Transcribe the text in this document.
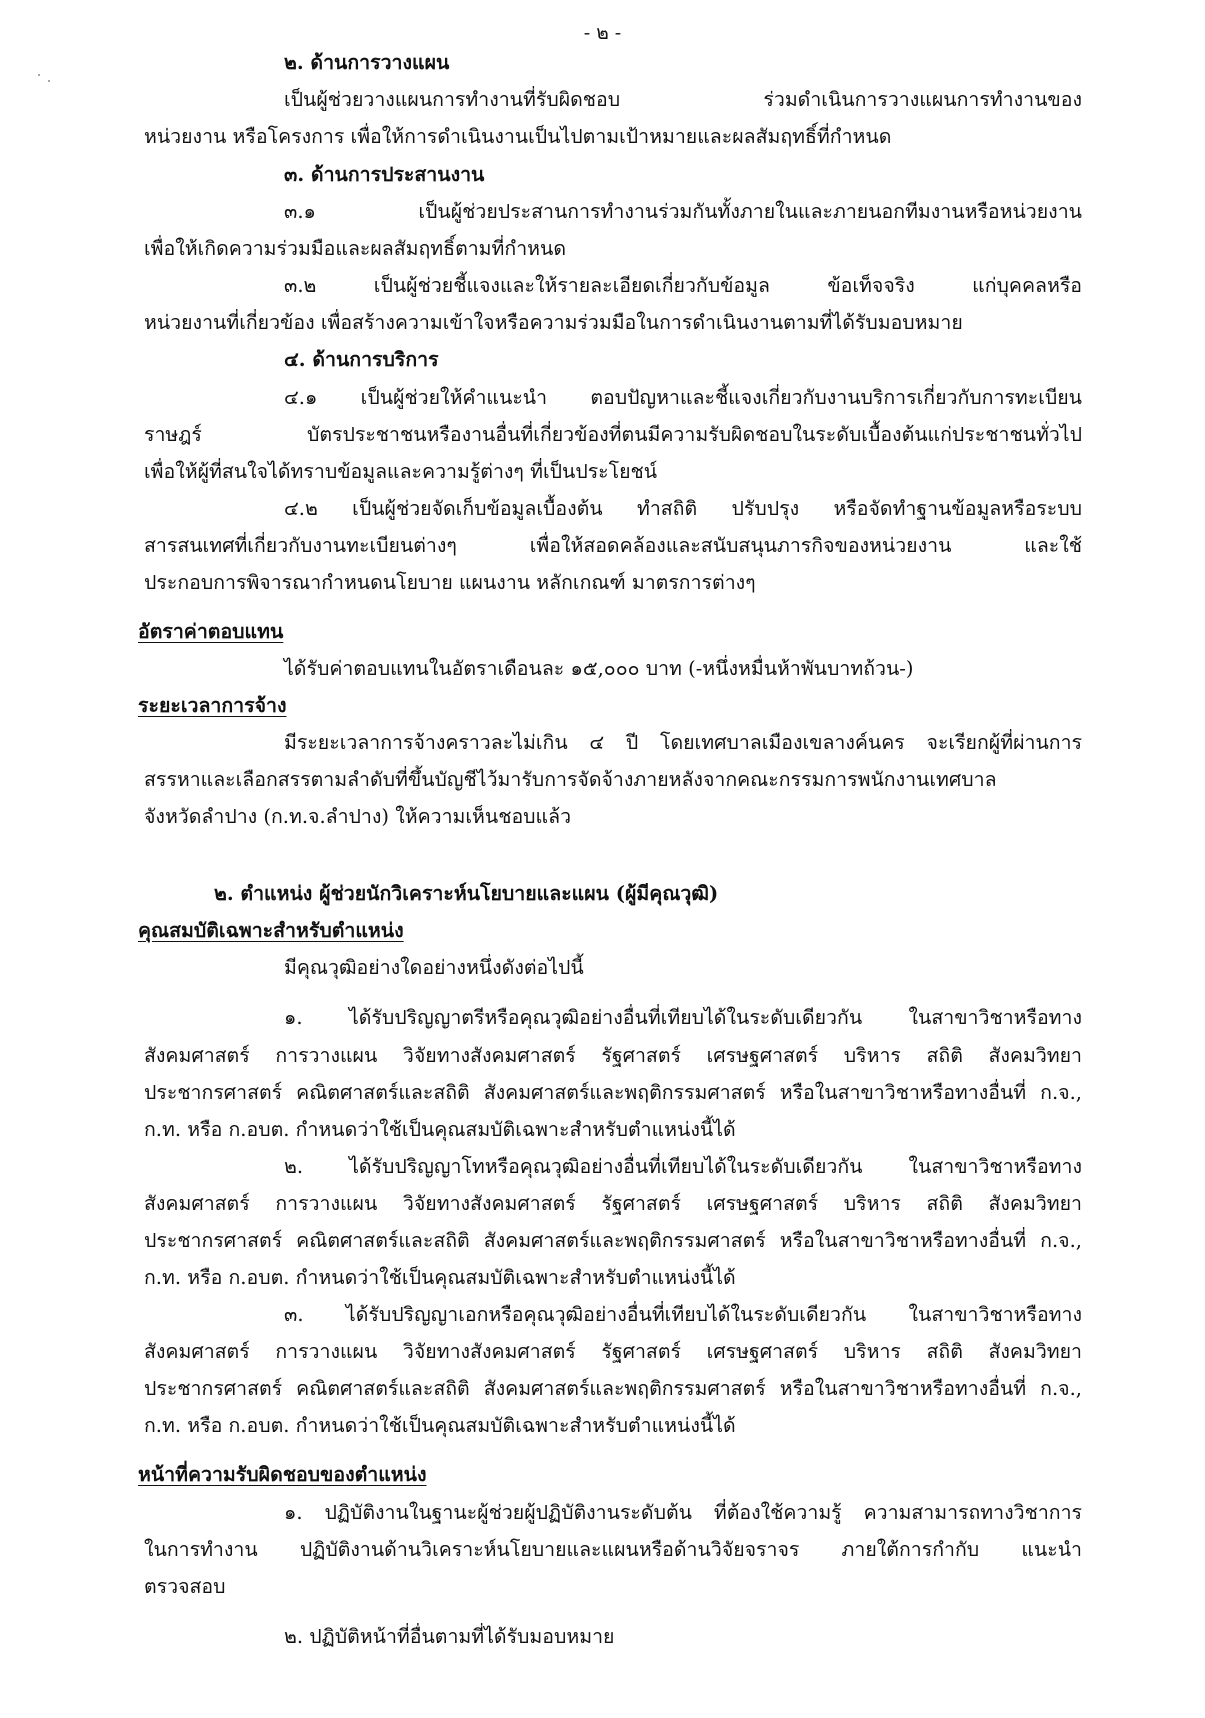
- ๒ -
๒. ด้านการวางแผน
เป็นผู้ช่วยวางแผนการทำงานที่รับผิดชอบ ร่วมดำเนินการวางแผนการทำงานของ
หน่วยงาน หรือโครงการ เพื่อให้การดำเนินงานเป็นไปตามเป้าหมายและผลสัมฤทธิ์ที่กำหนด
๓. ด้านการประสานงาน
๓.๑ เป็นผู้ช่วยประสานการทำงานร่วมกันทั้งภายในและภายนอกทีมงานหรือหน่วยงาน
เพื่อให้เกิดความร่วมมือและผลสัมฤทธิ์ตามที่กำหนด
๓.๒ เป็นผู้ช่วยชี้แจงและให้รายละเอียดเกี่ยวกับข้อมูล ข้อเท็จจริง แก่บุคคลหรือ
หน่วยงานที่เกี่ยวข้อง เพื่อสร้างความเข้าใจหรือความร่วมมือในการดำเนินงานตามที่ได้รับมอบหมาย
๔. ด้านการบริการ
๔.๑ เป็นผู้ช่วยให้คำแนะนำ ตอบปัญหาและชี้แจงเกี่ยวกับงานบริการเกี่ยวกับการทะเบียน
ราษฎร์ บัตรประชาชนหรืองานอื่นที่เกี่ยวข้องที่ตนมีความรับผิดชอบในระดับเบื้องต้นแก่ประชาชนทั่วไป
เพื่อให้ผู้ที่สนใจได้ทราบข้อมูลและความรู้ต่างๆ ที่เป็นประโยชน์
๔.๒ เป็นผู้ช่วยจัดเก็บข้อมูลเบื้องต้น ทำสถิติ ปรับปรุง หรือจัดทำฐานข้อมูลหรือระบบ
สารสนเทศที่เกี่ยวกับงานทะเบียนต่างๆ เพื่อให้สอดคล้องและสนับสนุนภารกิจของหน่วยงาน และใช้
ประกอบการพิจารณากำหนดนโยบาย แผนงาน หลักเกณฑ์ มาตรการต่างๆ
อัตราค่าตอบแทน
ได้รับค่าตอบแทนในอัตราเดือนละ ๑๕,๐๐๐ บาท (-หนึ่งหมื่นห้าพันบาทถ้วน-)
ระยะเวลาการจ้าง
มีระยะเวลาการจ้างคราวละไม่เกิน ๔ ปี โดยเทศบาลเมืองเขลางค์นคร จะเรียกผู้ที่ผ่านการ
สรรหาและเลือกสรรตามลำดับที่ขึ้นบัญชีไว้มารับการจัดจ้างภายหลังจากคณะกรรมการพนักงานเทศบาล
จังหวัดลำปาง (ก.ท.จ.ลำปาง) ให้ความเห็นชอบแล้ว
๒. ตำแหน่ง ผู้ช่วยนักวิเคราะห์นโยบายและแผน (ผู้มีคุณวุฒิ)
คุณสมบัติเฉพาะสำหรับตำแหน่ง
มีคุณวุฒิอย่างใดอย่างหนึ่งดังต่อไปนี้
๑. ได้รับปริญญาตรีหรือคุณวุฒิอย่างอื่นที่เทียบได้ในระดับเดียวกัน ในสาขาวิชาหรือทาง
สังคมศาสตร์ การวางแผน วิจัยทางสังคมศาสตร์ รัฐศาสตร์ เศรษฐศาสตร์ บริหาร สถิติ สังคมวิทยา
ประชากรศาสตร์ คณิตศาสตร์และสถิติ สังคมศาสตร์และพฤติกรรมศาสตร์ หรือในสาขาวิชาหรือทางอื่นที่ ก.จ.,
ก.ท. หรือ ก.อบต. กำหนดว่าใช้เป็นคุณสมบัติเฉพาะสำหรับตำแหน่งนี้ได้
๒. ได้รับปริญญาโทหรือคุณวุฒิอย่างอื่นที่เทียบได้ในระดับเดียวกัน ในสาขาวิชาหรือทาง
สังคมศาสตร์ การวางแผน วิจัยทางสังคมศาสตร์ รัฐศาสตร์ เศรษฐศาสตร์ บริหาร สถิติ สังคมวิทยา
ประชากรศาสตร์ คณิตศาสตร์และสถิติ สังคมศาสตร์และพฤติกรรมศาสตร์ หรือในสาขาวิชาหรือทางอื่นที่ ก.จ.,
ก.ท. หรือ ก.อบต. กำหนดว่าใช้เป็นคุณสมบัติเฉพาะสำหรับตำแหน่งนี้ได้
๓. ได้รับปริญญาเอกหรือคุณวุฒิอย่างอื่นที่เทียบได้ในระดับเดียวกัน ในสาขาวิชาหรือทาง
สังคมศาสตร์ การวางแผน วิจัยทางสังคมศาสตร์ รัฐศาสตร์ เศรษฐศาสตร์ บริหาร สถิติ สังคมวิทยา
ประชากรศาสตร์ คณิตศาสตร์และสถิติ สังคมศาสตร์และพฤติกรรมศาสตร์ หรือในสาขาวิชาหรือทางอื่นที่ ก.จ.,
ก.ท. หรือ ก.อบต. กำหนดว่าใช้เป็นคุณสมบัติเฉพาะสำหรับตำแหน่งนี้ได้
หน้าที่ความรับผิดชอบของตำแหน่ง
๑. ปฏิบัติงานในฐานะผู้ช่วยผู้ปฏิบัติงานระดับต้น ที่ต้องใช้ความรู้ ความสามารถทางวิชาการ
ในการทำงาน ปฏิบัติงานด้านวิเคราะห์นโยบายและแผนหรือด้านวิจัยจราจร ภายใต้การกำกับ แนะนำ
ตรวจสอบ
๒. ปฏิบัติหน้าที่อื่นตามที่ได้รับมอบหมาย
